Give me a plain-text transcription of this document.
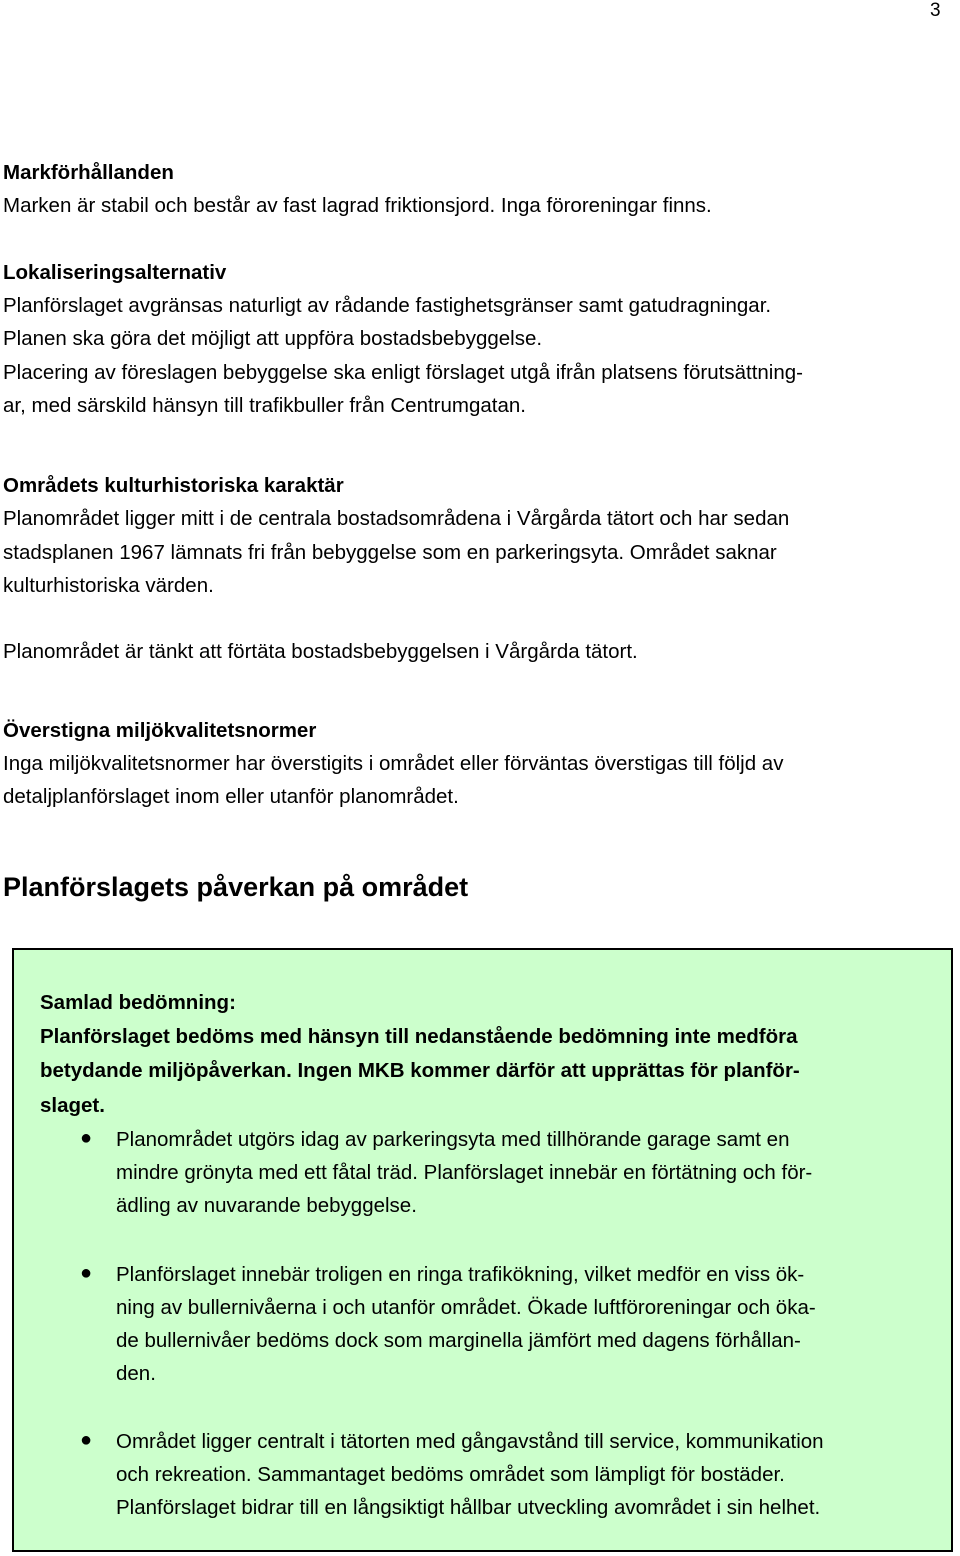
3
Markförhållanden
Marken är stabil och består av fast lagrad friktionsjord. Inga föroreningar finns.
Lokaliseringsalternativ
Planförslaget avgränsas naturligt av rådande fastighetsgränser samt gatudragningar.
Planen ska göra det möjligt att uppföra bostadsbebyggelse.
Placering av föreslagen bebyggelse ska enligt förslaget utgå ifrån platsens förutsättning-
ar, med särskild hänsyn till trafikbuller från Centrumgatan.
Områdets kulturhistoriska karaktär
Planområdet ligger mitt i de centrala bostadsområdena i Vårgårda tätort och har sedan
stadsplanen 1967 lämnats fri från bebyggelse som en parkeringsyta. Området saknar
kulturhistoriska värden.
Planområdet är tänkt att förtäta bostadsbebyggelsen i Vårgårda tätort.
Överstigna miljökvalitetsnormer
Inga miljökvalitetsnormer har överstigits i området eller förväntas överstigas till följd av
detaljplanförslaget inom eller utanför planområdet.
Planförslagets påverkan på området
Samlad bedömning:
Planförslaget bedöms med hänsyn till nedanstående bedömning inte medföra
betydande miljöpåverkan. Ingen MKB kommer därför att upprättas för planför-
slaget.
● Planområdet utgörs idag av parkeringsyta med tillhörande garage samt en
mindre grönyta med ett fåtal träd. Planförslaget innebär en förtätning och för-
ädling av nuvarande bebyggelse.
● Planförslaget innebär troligen en ringa trafikökning, vilket medför en viss ök-
ning av bullernivåerna i och utanför området. Ökade luftföroreningar och öka-
de bullernivåer bedöms dock som marginella jämfört med dagens förhållan-
den.
● Området ligger centralt i tätorten med gångavstånd till service, kommunikation
och rekreation. Sammantaget bedöms området som lämpligt för bostäder.
Planförslaget bidrar till en långsiktigt hållbar utveckling avområdet i sin helhet.
